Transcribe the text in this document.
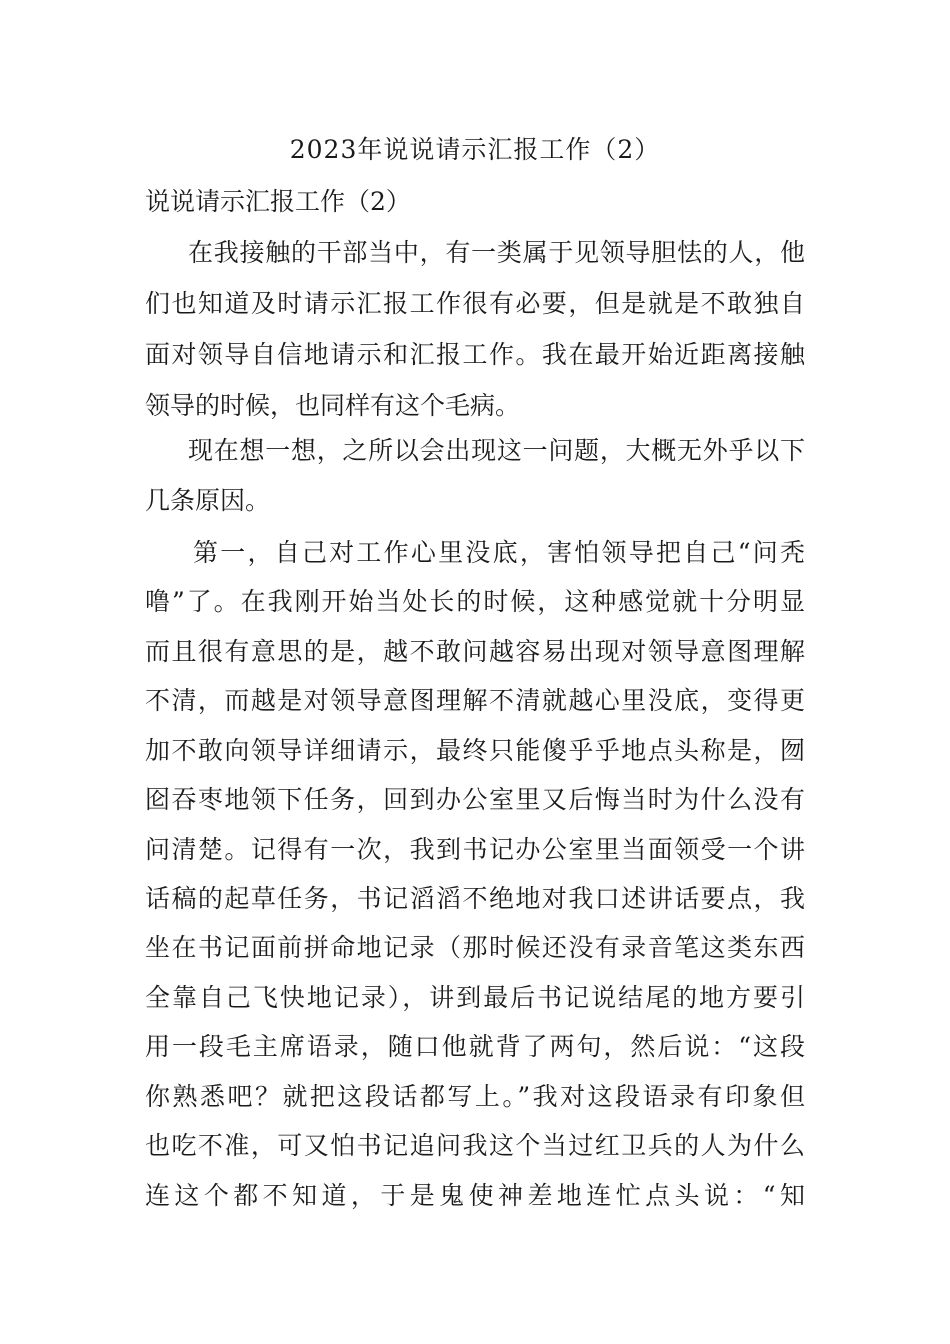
2023年说说请示汇报工作（2）

说说请示汇报工作（2）

在我接触的干部当中，有一类属于见领导胆怯的人，他

们也知道及时请示汇报工作很有必要，但是就是不敢独自

面对领导自信地请示和汇报工作。我在最开始近距离接触

领导的时候，也同样有这个毛病。

现在想一想，之所以会出现这一问题，大概无外乎以下

几条原因。

第一，自己对工作心里没底，害怕领导把自己“问秃

噜”了。在我刚开始当处长的时候，这种感觉就十分明显

而且很有意思的是，越不敢问越容易出现对领导意图理解

不清，而越是对领导意图理解不清就越心里没底，变得更

加不敢向领导详细请示，最终只能傻乎乎地点头称是，囫

囵吞枣地领下任务，回到办公室里又后悔当时为什么没有

问清楚。记得有一次，我到书记办公室里当面领受一个讲

话稿的起草任务，书记滔滔不绝地对我口述讲话要点，我

坐在书记面前拼命地记录（那时候还没有录音笔这类东西

全靠自己飞快地记录），讲到最后书记说结尾的地方要引

用一段毛主席语录，随口他就背了两句，然后说：“这段

你熟悉吧？就把这段话都写上。”我对这段语录有印象但

也吃不准，可又怕书记追问我这个当过红卫兵的人为什么

连这个都不知道，于是鬼使神差地连忙点头说：“知
